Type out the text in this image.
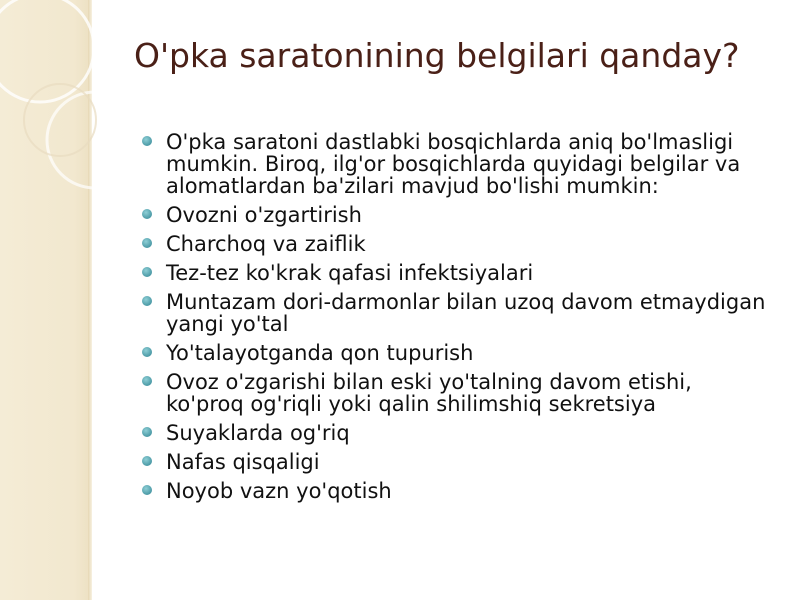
O'pka saratonining belgilari qanday?
O'pka saratoni dastlabki bosqichlarda aniq bo'lmasligi mumkin. Biroq, ilg'or bosqichlarda quyidagi belgilar va alomatlardan ba'zilari mavjud bo'lishi mumkin:
Ovozni o'zgartirish
Charchoq va zaiflik
Tez-tez ko'krak qafasi infektsiyalari
Muntazam dori-darmonlar bilan uzoq davom etmaydigan yangi yo'tal
Yo'talayotganda qon tupurish
Ovoz o'zgarishi bilan eski yo'talning davom etishi, ko'proq og'riqli yoki qalin shilimshiq sekretsiya
Suyaklarda og'riq
Nafas qisqaligi
Noyob vazn yo'qotish
